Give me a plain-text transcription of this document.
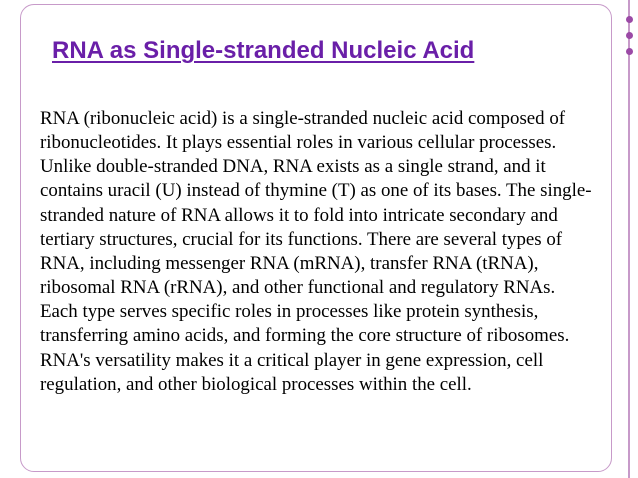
RNA as Single-stranded Nucleic Acid

RNA (ribonucleic acid) is a single-stranded nucleic acid composed of ribonucleotides. It plays essential roles in various cellular processes. Unlike double-stranded DNA, RNA exists as a single strand, and it contains uracil (U) instead of thymine (T) as one of its bases. The single-stranded nature of RNA allows it to fold into intricate secondary and tertiary structures, crucial for its functions. There are several types of RNA, including messenger RNA (mRNA), transfer RNA (tRNA), ribosomal RNA (rRNA), and other functional and regulatory RNAs. Each type serves specific roles in processes like protein synthesis, transferring amino acids, and forming the core structure of ribosomes. RNA's versatility makes it a critical player in gene expression, cell regulation, and other biological processes within the cell.
